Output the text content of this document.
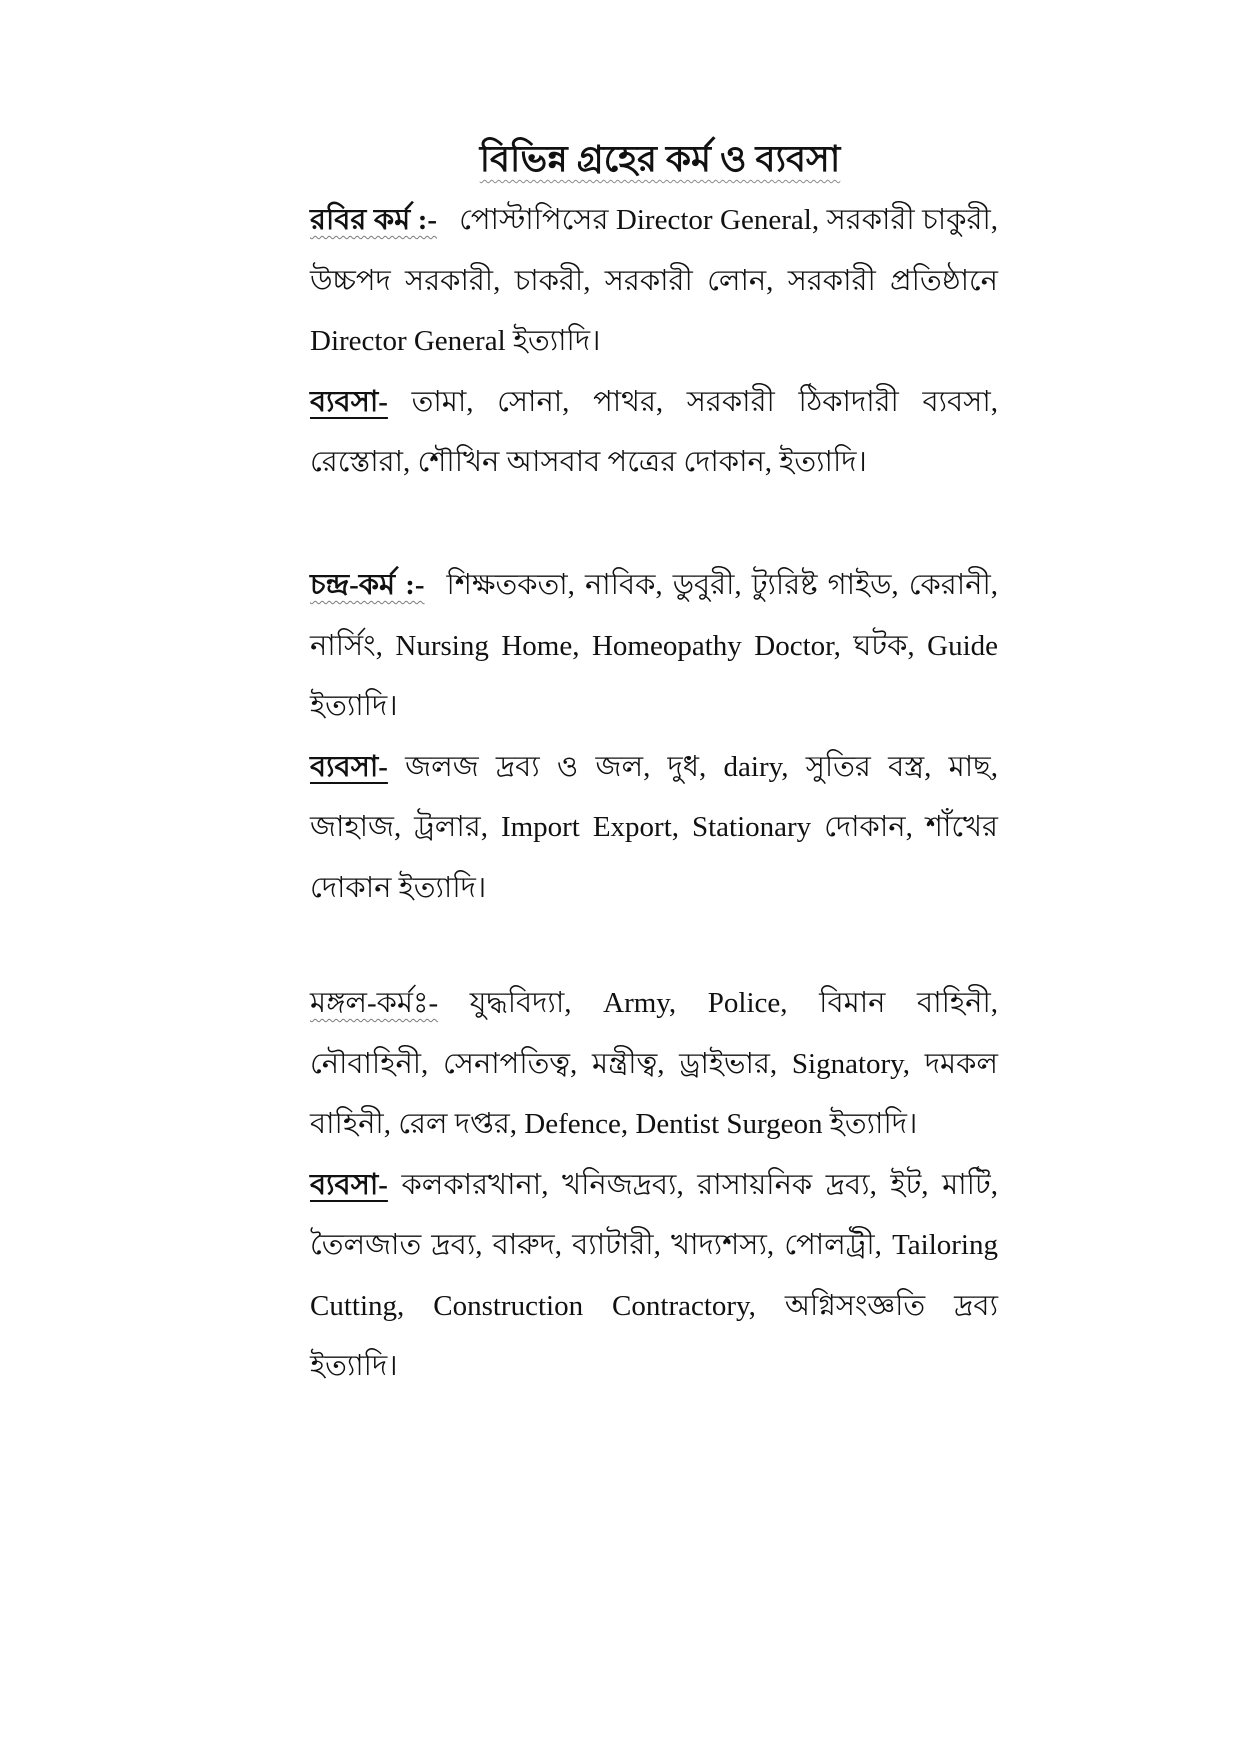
বিভিন্ন গ্রহের কর্ম ও ব্যবসা

রবির কর্ম :- পোস্টাপিসের Director General, সরকারী চাকুরী, উচ্চপদ সরকারী, চাকরী, সরকারী লোন, সরকারী প্রতিষ্ঠানে Director General ইত্যাদি।

ব্যবসা- তামা, সোনা, পাথর, সরকারী ঠিকাদারী ব্যবসা, রেস্তোরা, শৌখিন আসবাব পত্রের দোকান, ইত্যাদি।

চন্দ্র-কর্ম :- শিক্ষতকতা, নাবিক, ডুবুরী, ট্যুরিষ্ট গাইড, কেরানী, নার্সিং, Nursing Home, Homeopathy Doctor, ঘটক, Guide ইত্যাদি।

ব্যবসা- জলজ দ্রব্য ও জল, দুধ, dairy, সুতির বস্ত্র, মাছ, জাহাজ, ট্রলার, Import Export, Stationary দোকান, শাঁখের দোকান ইত্যাদি।

মঙ্গল-কর্মঃ- যুদ্ধবিদ্যা, Army, Police, বিমান বাহিনী, নৌবাহিনী, সেনাপতিত্ব, মন্ত্রীত্ব, ড্রাইভার, Signatory, দমকল বাহিনী, রেল দপ্তর, Defence, Dentist Surgeon ইত্যাদি।

ব্যবসা- কলকারখানা, খনিজদ্রব্য, রাসায়নিক দ্রব্য, ইট, মাটি, তৈলজাত দ্রব্য, বারুদ, ব্যাটারী, খাদ্যশস্য, পোলট্রী, Tailoring Cutting, Construction Contractory, অগ্নিসংজ্ঞতি দ্রব্য ইত্যাদি।
